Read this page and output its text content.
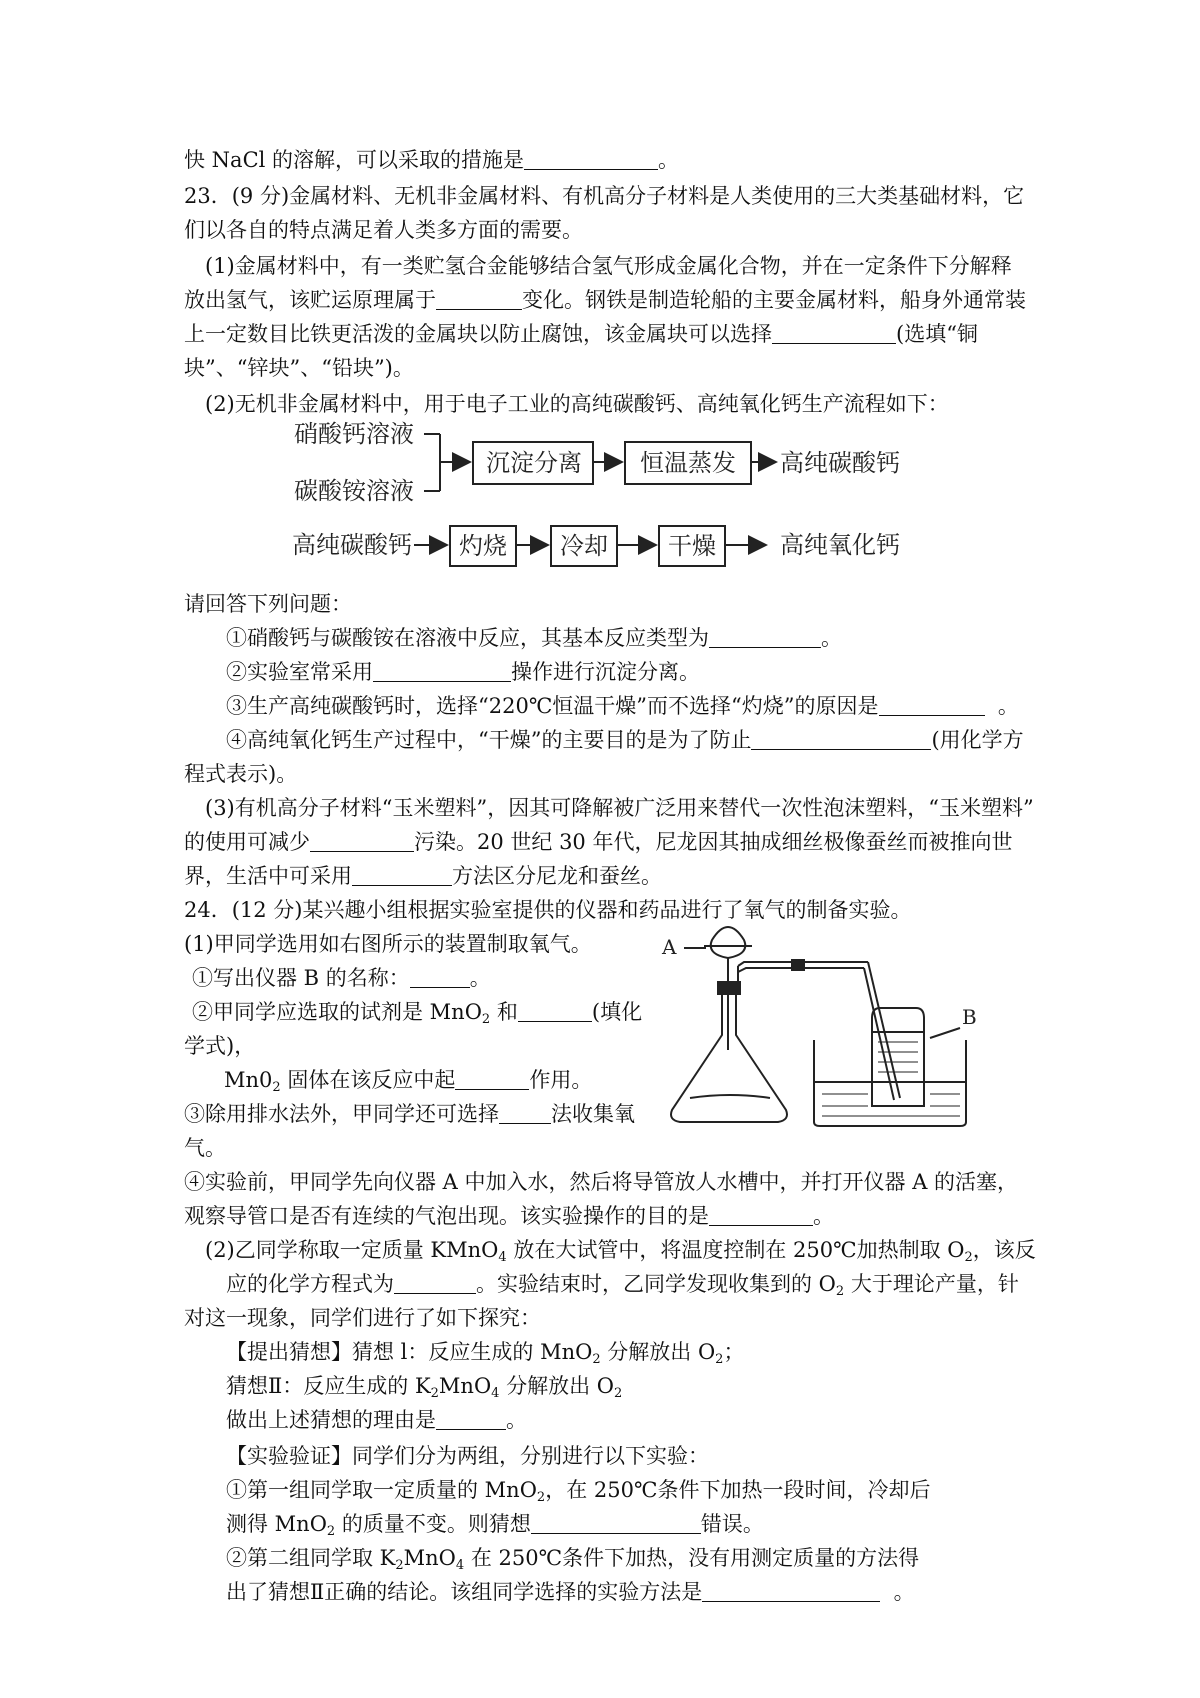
快 NaCl 的溶解，可以采取的措施是	。
23．(9 分)金属材料、无机非金属材料、有机高分子材料是人类使用的三大类基础材料，它
们以各自的特点满足着人类多方面的需要。
(1)金属材料中，有一类贮氢合金能够结合氢气形成金属化合物，并在一定条件下分解释
放出氢气，该贮运原理属于	变化。钢铁是制造轮船的主要金属材料，船身外通常装
上一定数目比铁更活泼的金属块以防止腐蚀，该金属块可以选择	(选填“铜
块”、“锌块”、“铅块”)。
(2)无机非金属材料中，用于电子工业的高纯碳酸钙、高纯氧化钙生产流程如下：
硝酸钙溶液
碳酸铵溶液
沉淀分离 恒温蒸发 高纯碳酸钙
高纯碳酸钙 灼烧 冷却	干燥	高纯氧化钙
请回答下列问题：
①硝酸钙与碳酸铵在溶液中反应，其基本反应类型为	。
②实验室常采用	操作进行沉淀分离。
③生产高纯碳酸钙时，选择“220℃恒温干燥”而不选择“灼烧”的原因是	。
④高纯氧化钙生产过程中，“干燥”的主要目的是为了防止	(用化学方
程式表示)。
(3)有机高分子材料“玉米塑料”，因其可降解被广泛用来替代一次性泡沫塑料，“玉米塑料”
的使用可减少	污染。20 世纪 30 年代，尼龙因其抽成细丝极像蚕丝而被推向世
界，生活中可采用	方法区分尼龙和蚕丝。
24．(12 分)某兴趣小组根据实验室提供的仪器和药品进行了氧气的制备实验。
(1)甲同学选用如右图所示的装置制取氧气。
①写出仪器 B 的名称：	。
②甲同学应选取的试剂是 MnO$_2$ 和	(填化
学式)，
$Mn0_2$ 固体在该反应中起	作用。
③除用排水法外，甲同学还可选择 法收集氧
气。
④实验前，甲同学先向仪器 A 中加入水，然后将导管放人水槽中，并打开仪器 A 的活塞，
观察导管口是否有连续的气泡出现。该实验操作的目的是	。
(2)乙同学称取一定质量 KMnO$_4$ 放在大试管中，将温度控制在 250℃加热制取 $O_2$，该反
应的化学方程式为	。实验结束时，乙同学发现收集到的 $O_2$ 大于理论产量，针
对这一现象，同学们进行了如下探究：
【提出猜想】猜想 l：反应生成的 MnO$_2$ 分解放出 $O_2$；
猜想Ⅱ：反应生成的 $K_2MnO_4$ 分解放出 $O_2$
做出上述猜想的理由是	。
【实验验证】同学们分为两组，分别进行以下实验：
①第一组同学取一定质量的 MnO$_2$，在 250℃条件下加热一段时间，冷却后
测得 MnO$_2$ 的质量不变。则猜想	错误。
②第二组同学取 $K_2MnO_4$ 在 250℃条件下加热，没有用测定质量的方法得
出了猜想Ⅱ正确的结论。该组同学选择的实验方法是	。
A
B
